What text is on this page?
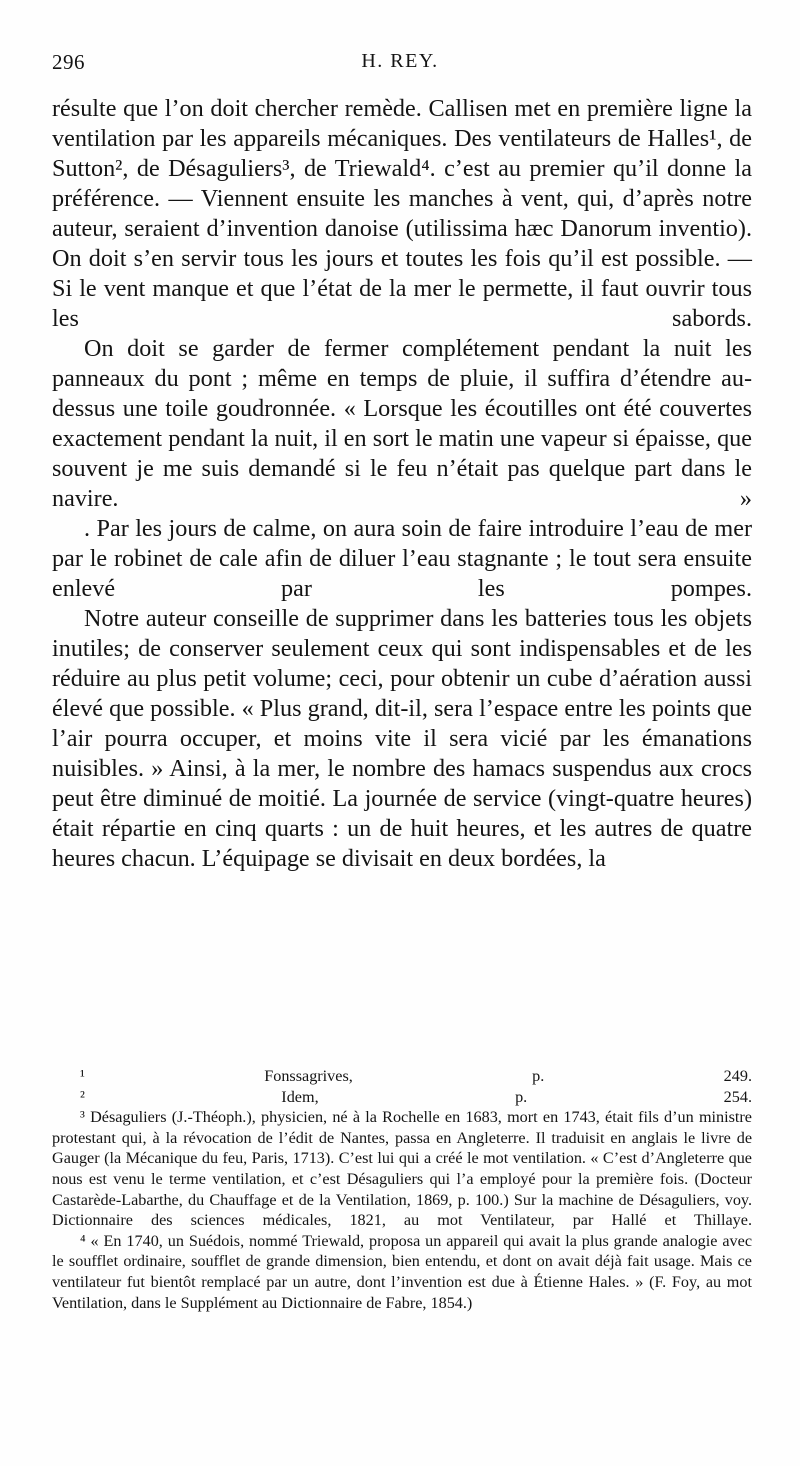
296	H. REY.

résulte que l’on doit chercher remède. Callisen met en première ligne la ventilation par les appareils mécaniques. Des ventilateurs de Halles¹, de Sutton², de Désaguliers³, de Triewald⁴. c’est au premier qu’il donne la préférence. — Viennent ensuite les manches à vent, qui, d’après notre auteur, seraient d’invention danoise (utilissima hæc Danorum inventio). On doit s’en servir tous les jours et toutes les fois qu’il est possible. — Si le vent manque et que l’état de la mer le permette, il faut ouvrir tous les sabords.

On doit se garder de fermer complétement pendant la nuit les panneaux du pont ; même en temps de pluie, il suffira d’étendre au-dessus une toile goudronnée. « Lorsque les écoutilles ont été couvertes exactement pendant la nuit, il en sort le matin une vapeur si épaisse, que souvent je me suis demandé si le feu n’était pas quelque part dans le navire. »

. Par les jours de calme, on aura soin de faire introduire l’eau de mer par le robinet de cale afin de diluer l’eau stagnante ; le tout sera ensuite enlevé par les pompes.

Notre auteur conseille de supprimer dans les batteries tous les objets inutiles; de conserver seulement ceux qui sont indispensables et de les réduire au plus petit volume; ceci, pour obtenir un cube d’aération aussi élevé que possible. « Plus grand, dit-il, sera l’espace entre les points que l’air pourra occuper, et moins vite il sera vicié par les émanations nuisibles. » Ainsi, à la mer, le nombre des hamacs suspendus aux crocs peut être diminué de moitié. La journée de service (vingt-quatre heures) était répartie en cinq quarts : un de huit heures, et les autres de quatre heures chacun. L’équipage se divisait en deux bordées, la

¹ Fonssagrives, p. 249.

² Idem, p. 254.

³ Désaguliers (J.-Théoph.), physicien, né à la Rochelle en 1683, mort en 1743, était fils d’un ministre protestant qui, à la révocation de l’édit de Nantes, passa en Angleterre. Il traduisit en anglais le livre de Gauger (la Mécanique du feu, Paris, 1713). C’est lui qui a créé le mot ventilation. « C’est d’Angleterre que nous est venu le terme ventilation, et c’est Désaguliers qui l’a employé pour la première fois. (Docteur Castarède-Labarthe, du Chauffage et de la Ventilation, 1869, p. 100.) Sur la machine de Désaguliers, voy. Dictionnaire des sciences médicales, 1821, au mot Ventilateur, par Hallé et Thillaye.

⁴ « En 1740, un Suédois, nommé Triewald, proposa un appareil qui avait la plus grande analogie avec le soufflet ordinaire, soufflet de grande dimension, bien entendu, et dont on avait déjà fait usage. Mais ce ventilateur fut bientôt remplacé par un autre, dont l’invention est due à Étienne Hales. » (F. Foy, au mot Ventilation, dans le Supplément au Dictionnaire de Fabre, 1854.)
